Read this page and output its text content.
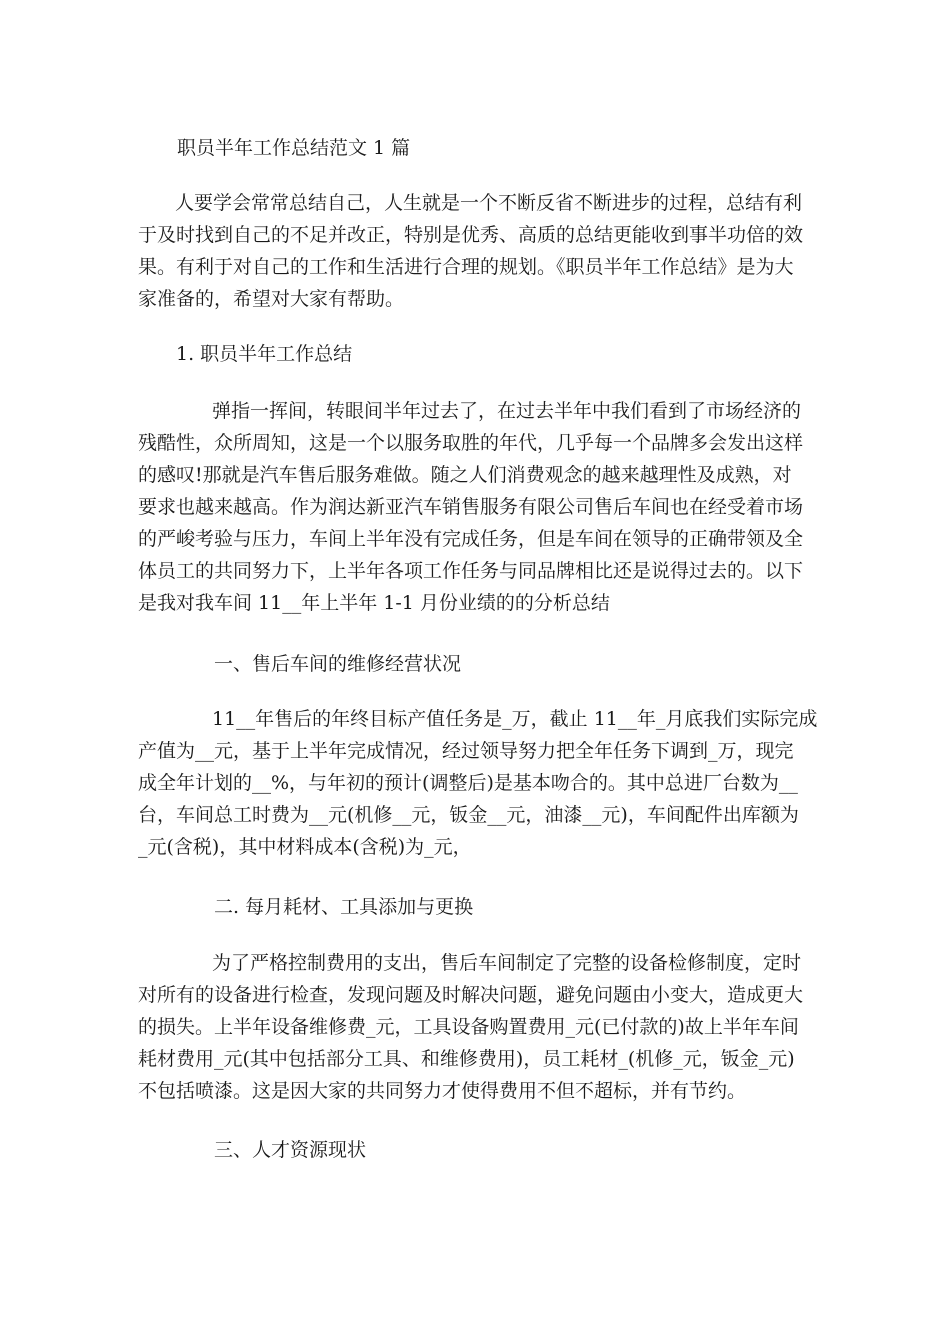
职员半年工作总结范文 1 篇

人要学会常常总结自己，人生就是一个不断反省不断进步的过程，总结有利
于及时找到自己的不足并改正，特别是优秀、高质的总结更能收到事半功倍的效
果。有利于对自己的工作和生活进行合理的规划。《职员半年工作总结》是为大
家准备的，希望对大家有帮助。

1. 职员半年工作总结

弹指一挥间，转眼间半年过去了，在过去半年中我们看到了市场经济的
残酷性，众所周知，这是一个以服务取胜的年代，几乎每一个品牌多会发出这样
的感叹!那就是汽车售后服务难做。随之人们消费观念的越来越理性及成熟，对
要求也越来越高。作为润达新亚汽车销售服务有限公司售后车间也在经受着市场
的严峻考验与压力，车间上半年没有完成任务，但是车间在领导的正确带领及全
体员工的共同努力下，上半年各项工作任务与同品牌相比还是说得过去的。以下
是我对我车间 11__年上半年 1-1 月份业绩的的分析总结

一、售后车间的维修经营状况

11__年售后的年终目标产值任务是_万，截止 11__年_月底我们实际完成
产值为__元，基于上半年完成情况，经过领导努力把全年任务下调到_万，现完
成全年计划的__%，与年初的预计(调整后)是基本吻合的。其中总进厂台数为__
台，车间总工时费为__元(机修__元，钣金__元，油漆__元)，车间配件出库额为
_元(含税)，其中材料成本(含税)为_元，

二. 每月耗材、工具添加与更换

为了严格控制费用的支出，售后车间制定了完整的设备检修制度，定时
对所有的设备进行检查，发现问题及时解决问题，避免问题由小变大，造成更大
的损失。上半年设备维修费_元，工具设备购置费用_元(已付款的)故上半年车间
耗材费用_元(其中包括部分工具、和维修费用)，员工耗材_(机修_元，钣金_元)
不包括喷漆。这是因大家的共同努力才使得费用不但不超标，并有节约。

三、人才资源现状
